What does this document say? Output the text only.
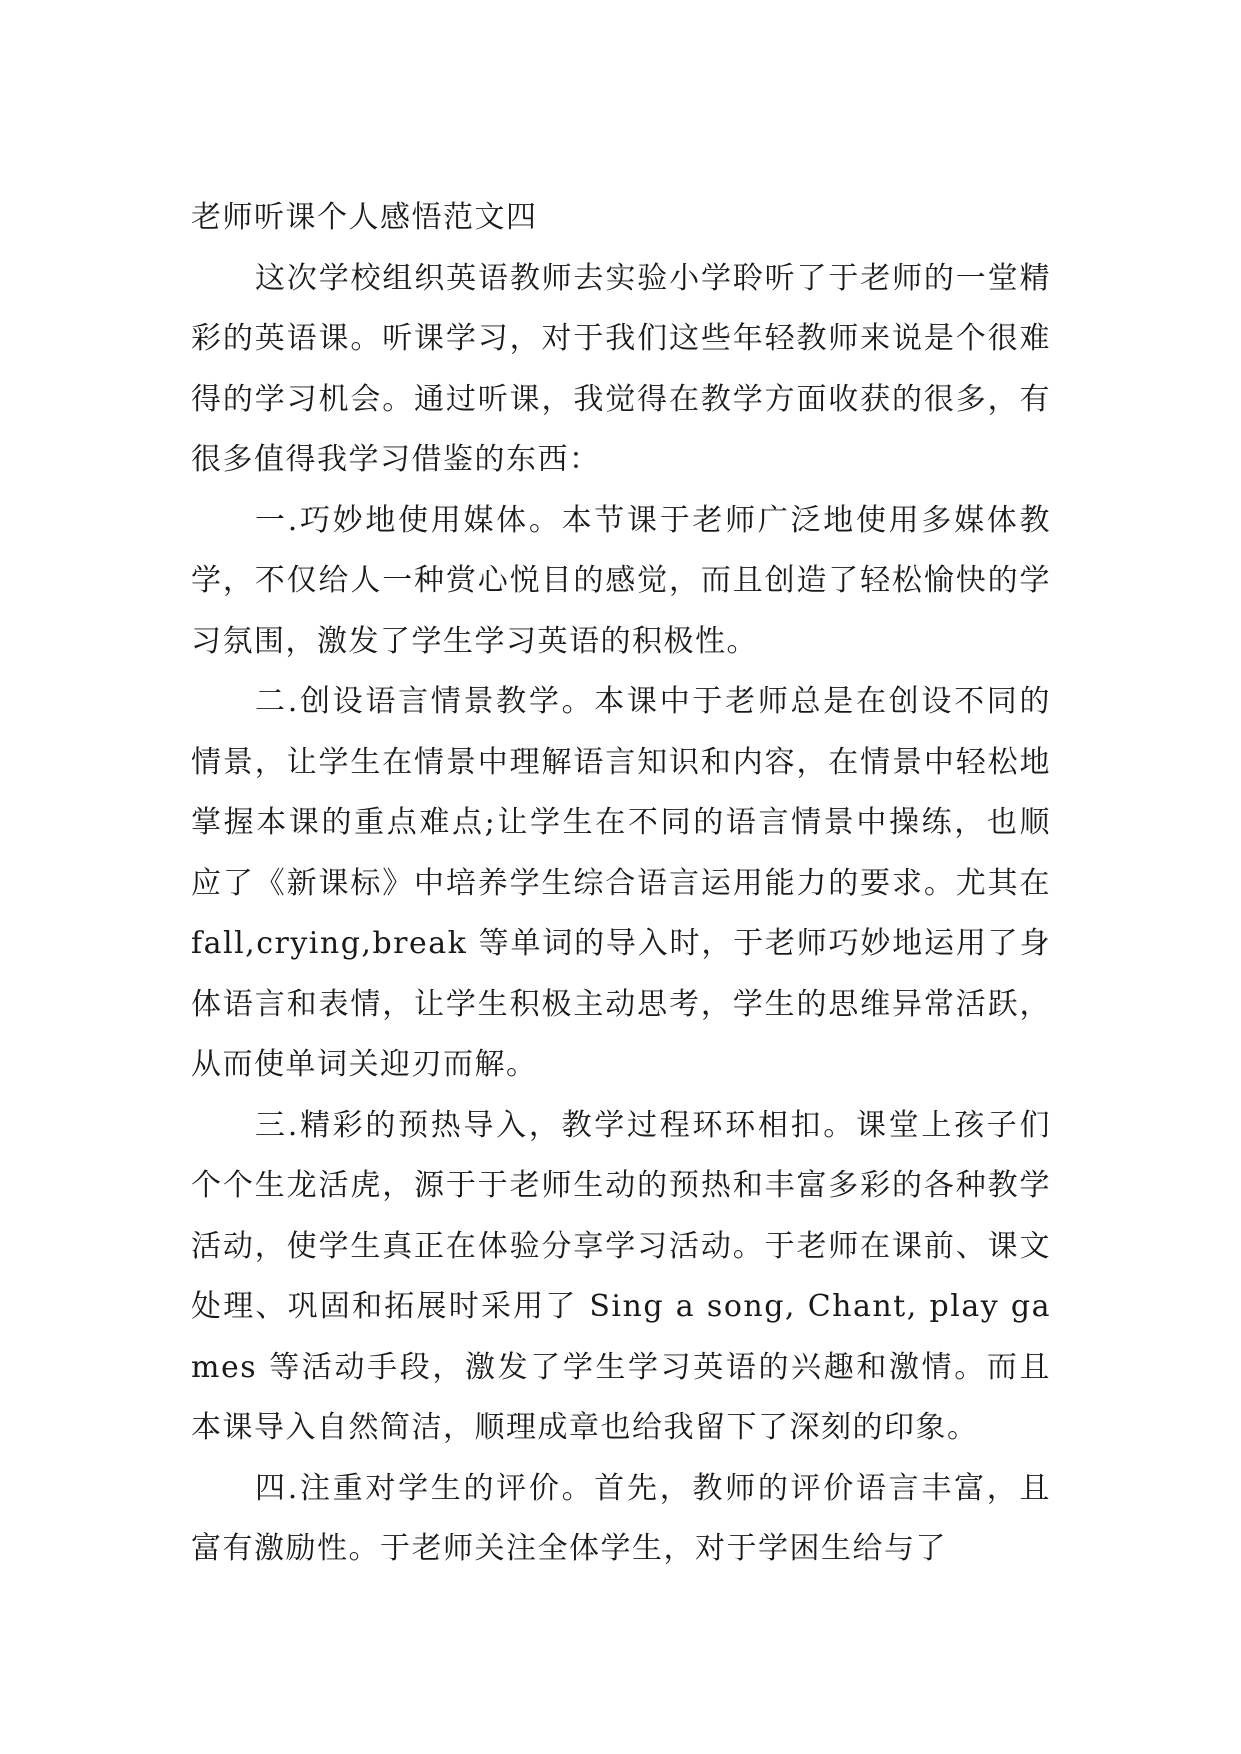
老师听课个人感悟范文四

这次学校组织英语教师去实验小学聆听了于老师的一堂精彩的英语课。听课学习，对于我们这些年轻教师来说是个很难得的学习机会。通过听课，我觉得在教学方面收获的很多，有很多值得我学习借鉴的东西：

一.巧妙地使用媒体。本节课于老师广泛地使用多媒体教学，不仅给人一种赏心悦目的感觉，而且创造了轻松愉快的学习氛围，激发了学生学习英语的积极性。

二.创设语言情景教学。本课中于老师总是在创设不同的情景，让学生在情景中理解语言知识和内容，在情景中轻松地掌握本课的重点难点;让学生在不同的语言情景中操练，也顺应了《新课标》中培养学生综合语言运用能力的要求。尤其在 fall,crying,break 等单词的导入时，于老师巧妙地运用了身体语言和表情，让学生积极主动思考，学生的思维异常活跃，从而使单词关迎刃而解。

三.精彩的预热导入，教学过程环环相扣。课堂上孩子们个个生龙活虎，源于于老师生动的预热和丰富多彩的各种教学活动，使学生真正在体验分享学习活动。于老师在课前、课文处理、巩固和拓展时采用了 Sing a song, Chant, play games 等活动手段，激发了学生学习英语的兴趣和激情。而且本课导入自然简洁，顺理成章也给我留下了深刻的印象。

四.注重对学生的评价。首先，教师的评价语言丰富，且富有激励性。于老师关注全体学生，对于学困生给与了
